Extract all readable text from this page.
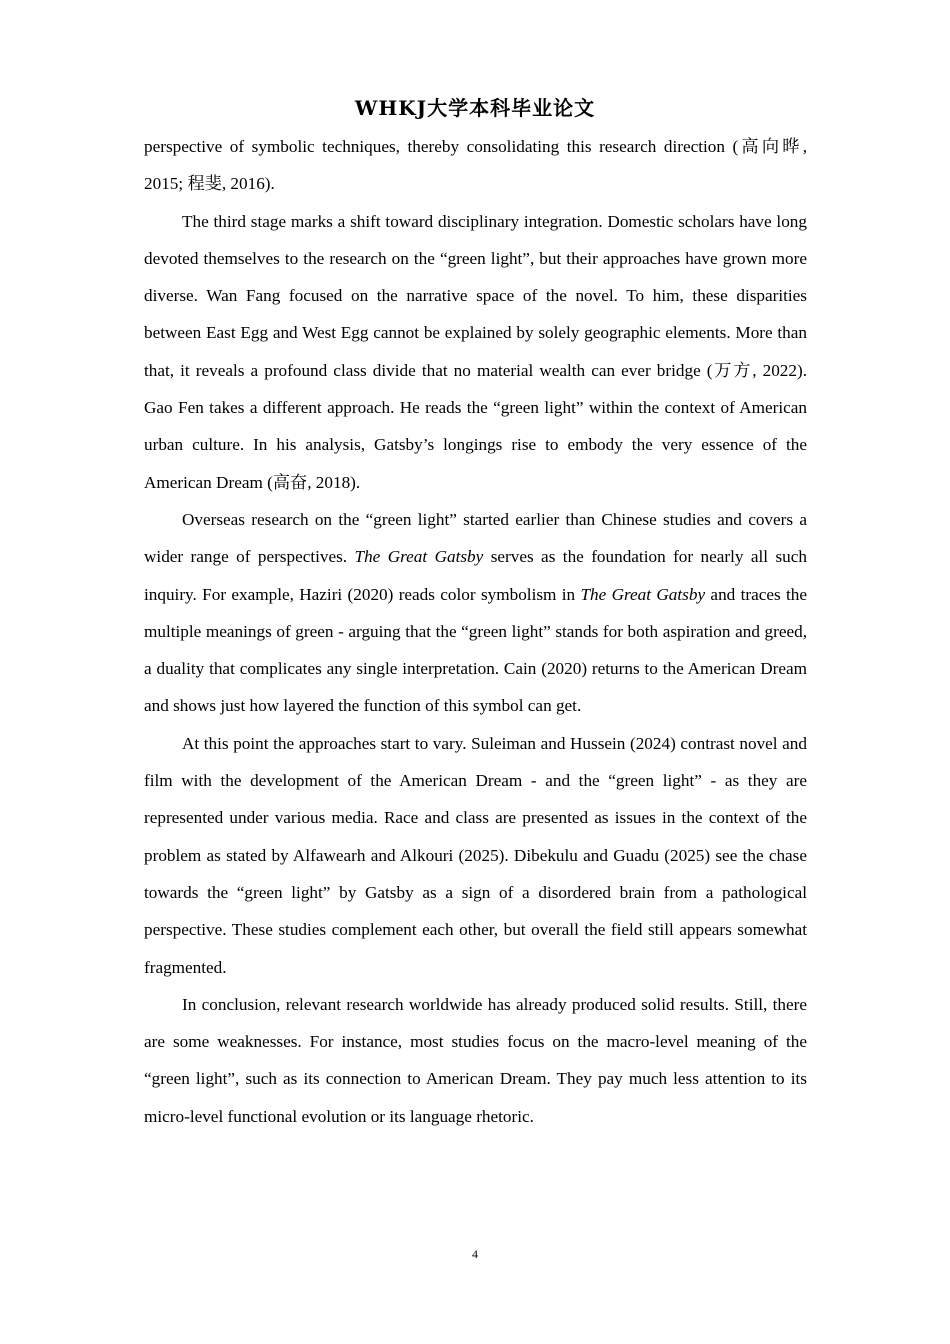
WHKJ大学本科毕业论文

perspective of symbolic techniques, thereby consolidating this research direction (高向晔, 2015; 程斐, 2016).

The third stage marks a shift toward disciplinary integration. Domestic scholars have long devoted themselves to the research on the “green light”, but their approaches have grown more diverse. Wan Fang focused on the narrative space of the novel. To him, these disparities between East Egg and West Egg cannot be explained by solely geographic elements. More than that, it reveals a profound class divide that no material wealth can ever bridge (万方, 2022). Gao Fen takes a different approach. He reads the “green light” within the context of American urban culture. In his analysis, Gatsby’s longings rise to embody the very essence of the American Dream (高奋, 2018).

Overseas research on the “green light” started earlier than Chinese studies and covers a wider range of perspectives. The Great Gatsby serves as the foundation for nearly all such inquiry. For example, Haziri (2020) reads color symbolism in The Great Gatsby and traces the multiple meanings of green - arguing that the “green light” stands for both aspiration and greed, a duality that complicates any single interpretation. Cain (2020) returns to the American Dream and shows just how layered the function of this symbol can get.

At this point the approaches start to vary. Suleiman and Hussein (2024) contrast novel and film with the development of the American Dream - and the “green light” - as they are represented under various media. Race and class are presented as issues in the context of the problem as stated by Alfawearh and Alkouri (2025). Dibekulu and Guadu (2025) see the chase towards the “green light” by Gatsby as a sign of a disordered brain from a pathological perspective. These studies complement each other, but overall the field still appears somewhat fragmented.

In conclusion, relevant research worldwide has already produced solid results. Still, there are some weaknesses. For instance, most studies focus on the macro-level meaning of the “green light”, such as its connection to American Dream. They pay much less attention to its micro-level functional evolution or its language rhetoric.

4
